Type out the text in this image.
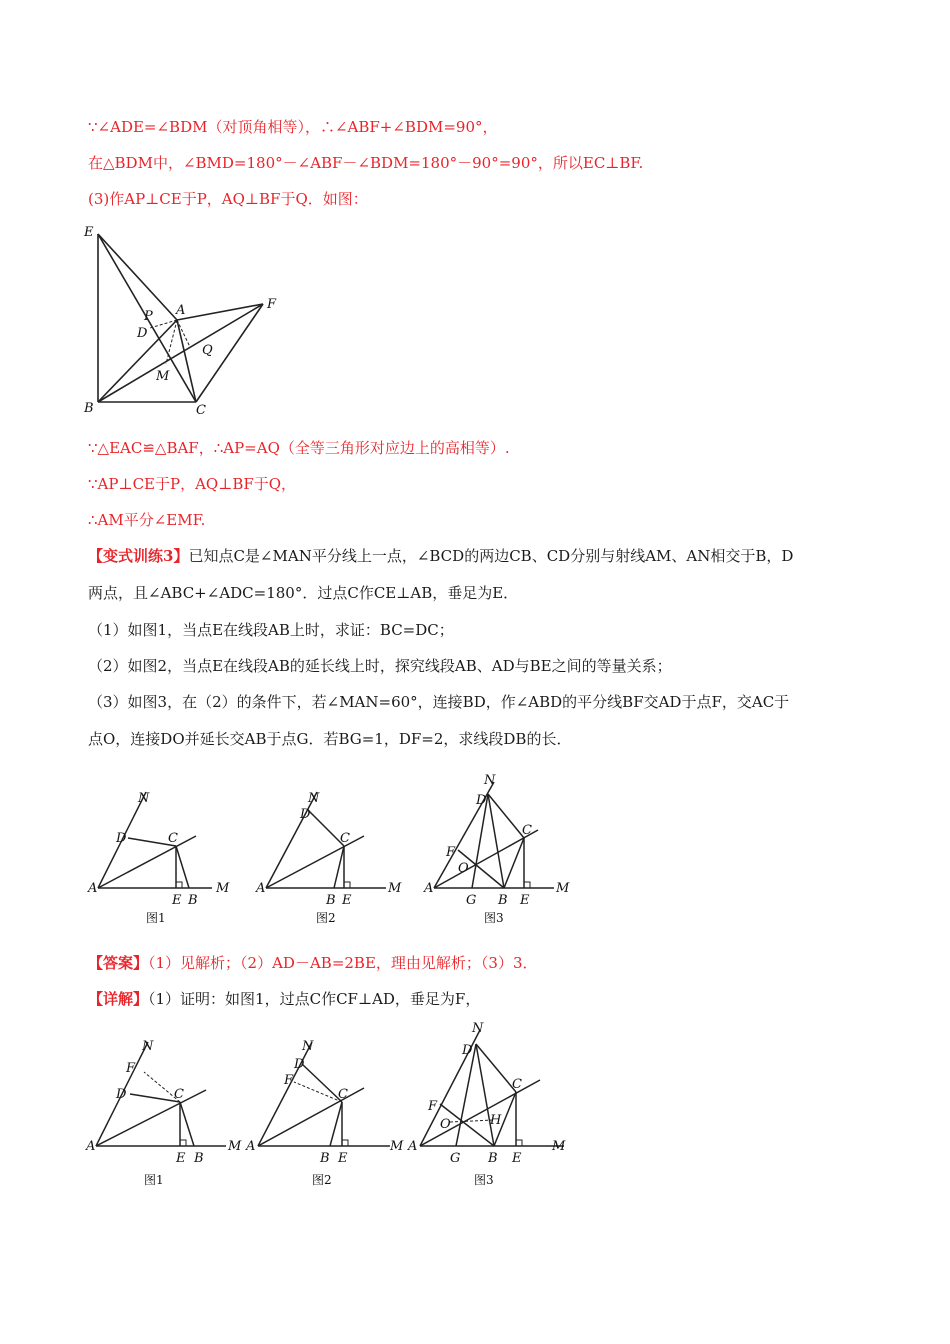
∵∠ADE=∠BDM（对顶角相等），∴∠ABF+∠BDM=90°，
在△BDM中，∠BMD=180°－∠ABF－∠BDM=180°－90°=90°，所以EC⊥BF.
(3)作AP⊥CE于P，AQ⊥BF于Q．如图：
E
A	F
P
D
Q
M
B	C
∵△EAC≌△BAF，∴AP=AQ（全等三角形对应边上的高相等）.
∵AP⊥CE于P，AQ⊥BF于Q，
∴AM平分∠EMF.
【变式训练3】已知点C是∠MAN平分线上一点，∠BCD的两边CB、CD分别与射线AM、AN相交于B，D
两点，且∠ABC+∠ADC=180°．过点C作CE⊥AB，垂足为E．
（1）如图1，当点E在线段AB上时，求证：BC=DC；
（2）如图2，当点E在线段AB的延长线上时，探究线段AB、AD与BE之间的等量关系；
（3）如图3，在（2）的条件下，若∠MAN=60°，连接BD，作∠ABD的平分线BF交AD于点F，交AC于
点O，连接DO并延长交AB于点G．若BG=1，DF=2，求线段DB的长．
N
D	C
A
E B
M
图1
N
D
C
A
B E
M
图2
N
D
C
F
O
A
G B E
M
图3
【答案】（1）见解析；（2）AD－AB=2BE，理由见解析；（3）3．
【详解】（1）证明：如图1，过点C作CF⊥AD，垂足为F，
N
F
D	C
A
E B
M
图1
N
D
F
C
A
B E
M
图2
N
D
C
F
O	H
A
G B E
M
图3
